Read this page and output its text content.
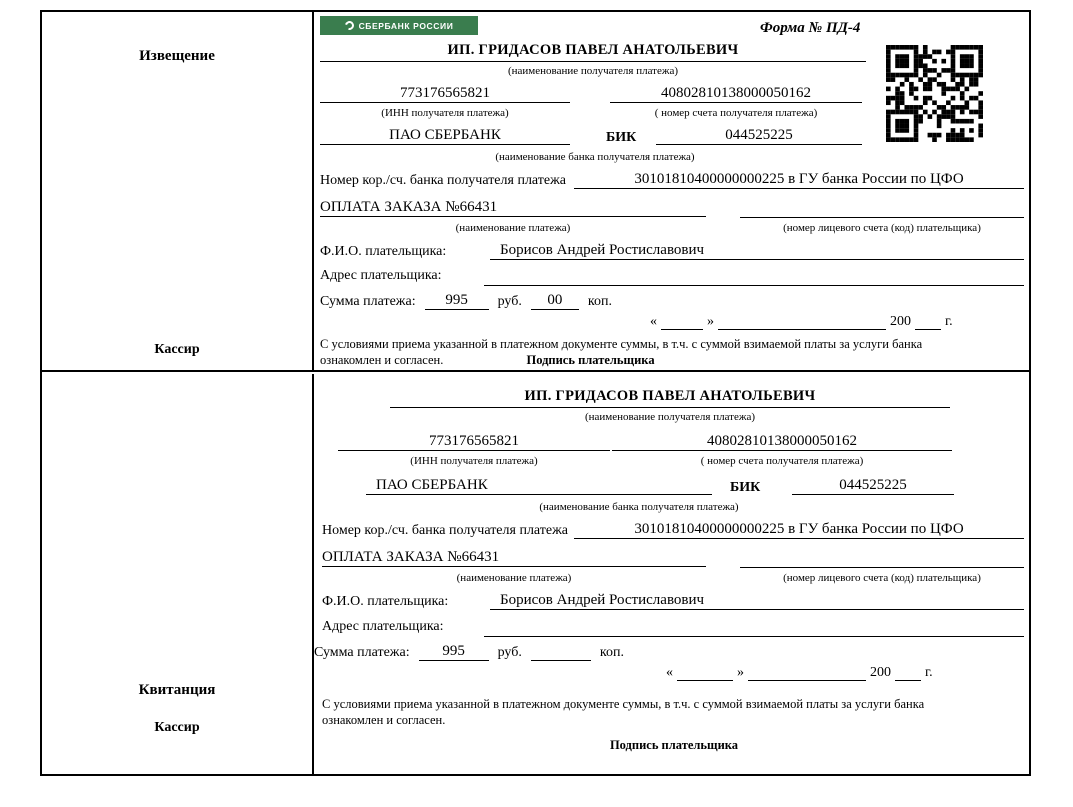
Извещение
Кассир
СБЕРБАНК РОССИИ	Форма № ПД-4
ИП. ГРИДАСОВ ПАВЕЛ АНАТОЛЬЕВИЧ
(наименование получателя платежа)
773176565821	40802810138000050162
(ИНН получателя платежа)	( номер счета получателя платежа)
ПАО СБЕРБАНК	БИК	044525225
(наименование банка получателя платежа)
Номер кор./сч. банка получателя платежа	30101810400000000225 в ГУ банка России по ЦФО
ОПЛАТА ЗАКАЗА №66431
(наименование платежа)	(номер лицевого счета (код) плательщика)
Ф.И.О. плательщика:	Борисов Андрей Ростиславович
Адрес плательщика:
Сумма платежа:	995	руб.	00	коп.
«	»	200 г.
С условиями приема указанной в платежном документе суммы, в т.ч. с суммой взимаемой платы за услуги банка
ознакомлен и согласен.	Подпись плательщика
Квитанция
Кассир
ИП. ГРИДАСОВ ПАВЕЛ АНАТОЛЬЕВИЧ
(наименование получателя платежа)
773176565821	40802810138000050162
(ИНН получателя платежа)	( номер счета получателя платежа)
ПАО СБЕРБАНК	БИК	044525225
(наименование банка получателя платежа)
Номер кор./сч. банка получателя платежа	30101810400000000225 в ГУ банка России по ЦФО
ОПЛАТА ЗАКАЗА №66431
(наименование платежа)	(номер лицевого счета (код) плательщика)
Ф.И.О. плательщика:	Борисов Андрей Ростиславович
Адрес плательщика:
Сумма платежа:	995	руб.	коп.
«	»	200 г.
С условиями приема указанной в платежном документе суммы, в т.ч. с суммой взимаемой платы за услуги банка
ознакомлен и согласен.
Подпись плательщика
